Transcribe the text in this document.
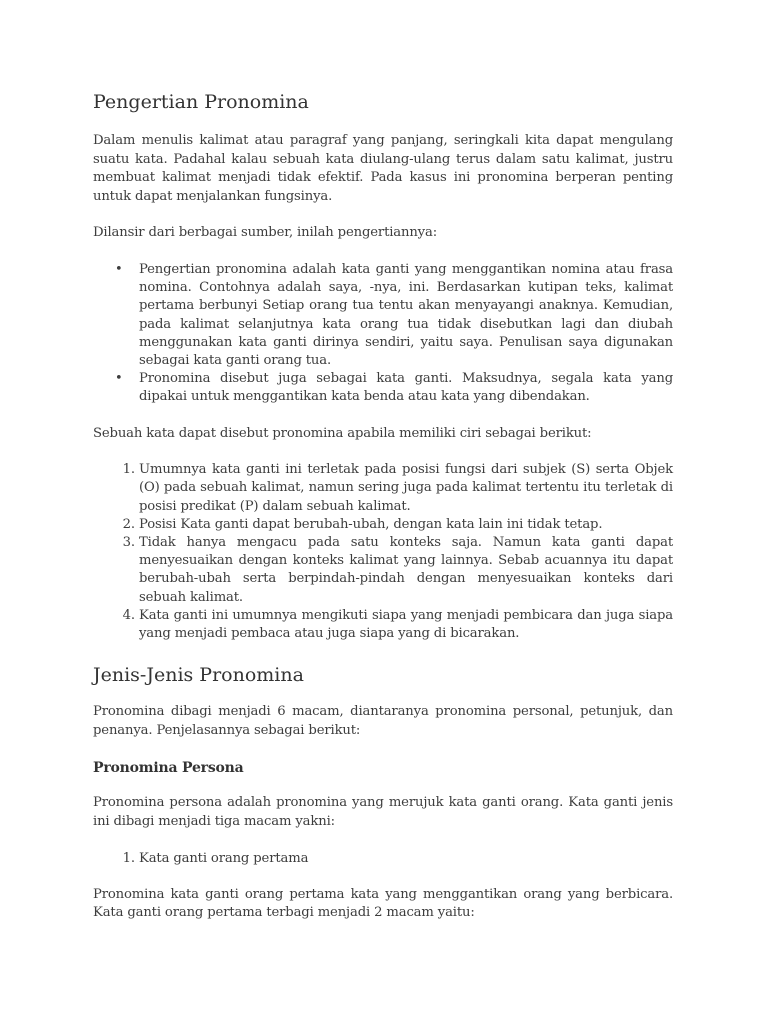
Pengertian Pronomina

Dalam menulis kalimat atau paragraf yang panjang, seringkali kita dapat mengulang suatu kata. Padahal kalau sebuah kata diulang-ulang terus dalam satu kalimat, justru membuat kalimat menjadi tidak efektif. Pada kasus ini pronomina berperan penting untuk dapat menjalankan fungsinya.

Dilansir dari berbagai sumber, inilah pengertiannya:

• Pengertian pronomina adalah kata ganti yang menggantikan nomina atau frasa nomina. Contohnya adalah saya, -nya, ini. Berdasarkan kutipan teks, kalimat pertama berbunyi Setiap orang tua tentu akan menyayangi anaknya. Kemudian, pada kalimat selanjutnya kata orang tua tidak disebutkan lagi dan diubah menggunakan kata ganti dirinya sendiri, yaitu saya. Penulisan saya digunakan sebagai kata ganti orang tua.
• Pronomina disebut juga sebagai kata ganti. Maksudnya, segala kata yang dipakai untuk menggantikan kata benda atau kata yang dibendakan.

Sebuah kata dapat disebut pronomina apabila memiliki ciri sebagai berikut:

1. Umumnya kata ganti ini terletak pada posisi fungsi dari subjek (S) serta Objek (O) pada sebuah kalimat, namun sering juga pada kalimat tertentu itu terletak di posisi predikat (P) dalam sebuah kalimat.
2. Posisi Kata ganti dapat berubah-ubah, dengan kata lain ini tidak tetap.
3. Tidak hanya mengacu pada satu konteks saja. Namun kata ganti dapat menyesuaikan dengan konteks kalimat yang lainnya. Sebab acuannya itu dapat berubah-ubah serta berpindah-pindah dengan menyesuaikan konteks dari sebuah kalimat.
4. Kata ganti ini umumnya mengikuti siapa yang menjadi pembicara dan juga siapa yang menjadi pembaca atau juga siapa yang di bicarakan.
Jenis-Jenis Pronomina

Pronomina dibagi menjadi 6 macam, diantaranya pronomina personal, petunjuk, dan penanya. Penjelasannya sebagai berikut:

Pronomina Persona

Pronomina persona adalah pronomina yang merujuk kata ganti orang. Kata ganti jenis ini dibagi menjadi tiga macam yakni:

1. Kata ganti orang pertama

Pronomina kata ganti orang pertama kata yang menggantikan orang yang berbicara. Kata ganti orang pertama terbagi menjadi 2 macam yaitu:
